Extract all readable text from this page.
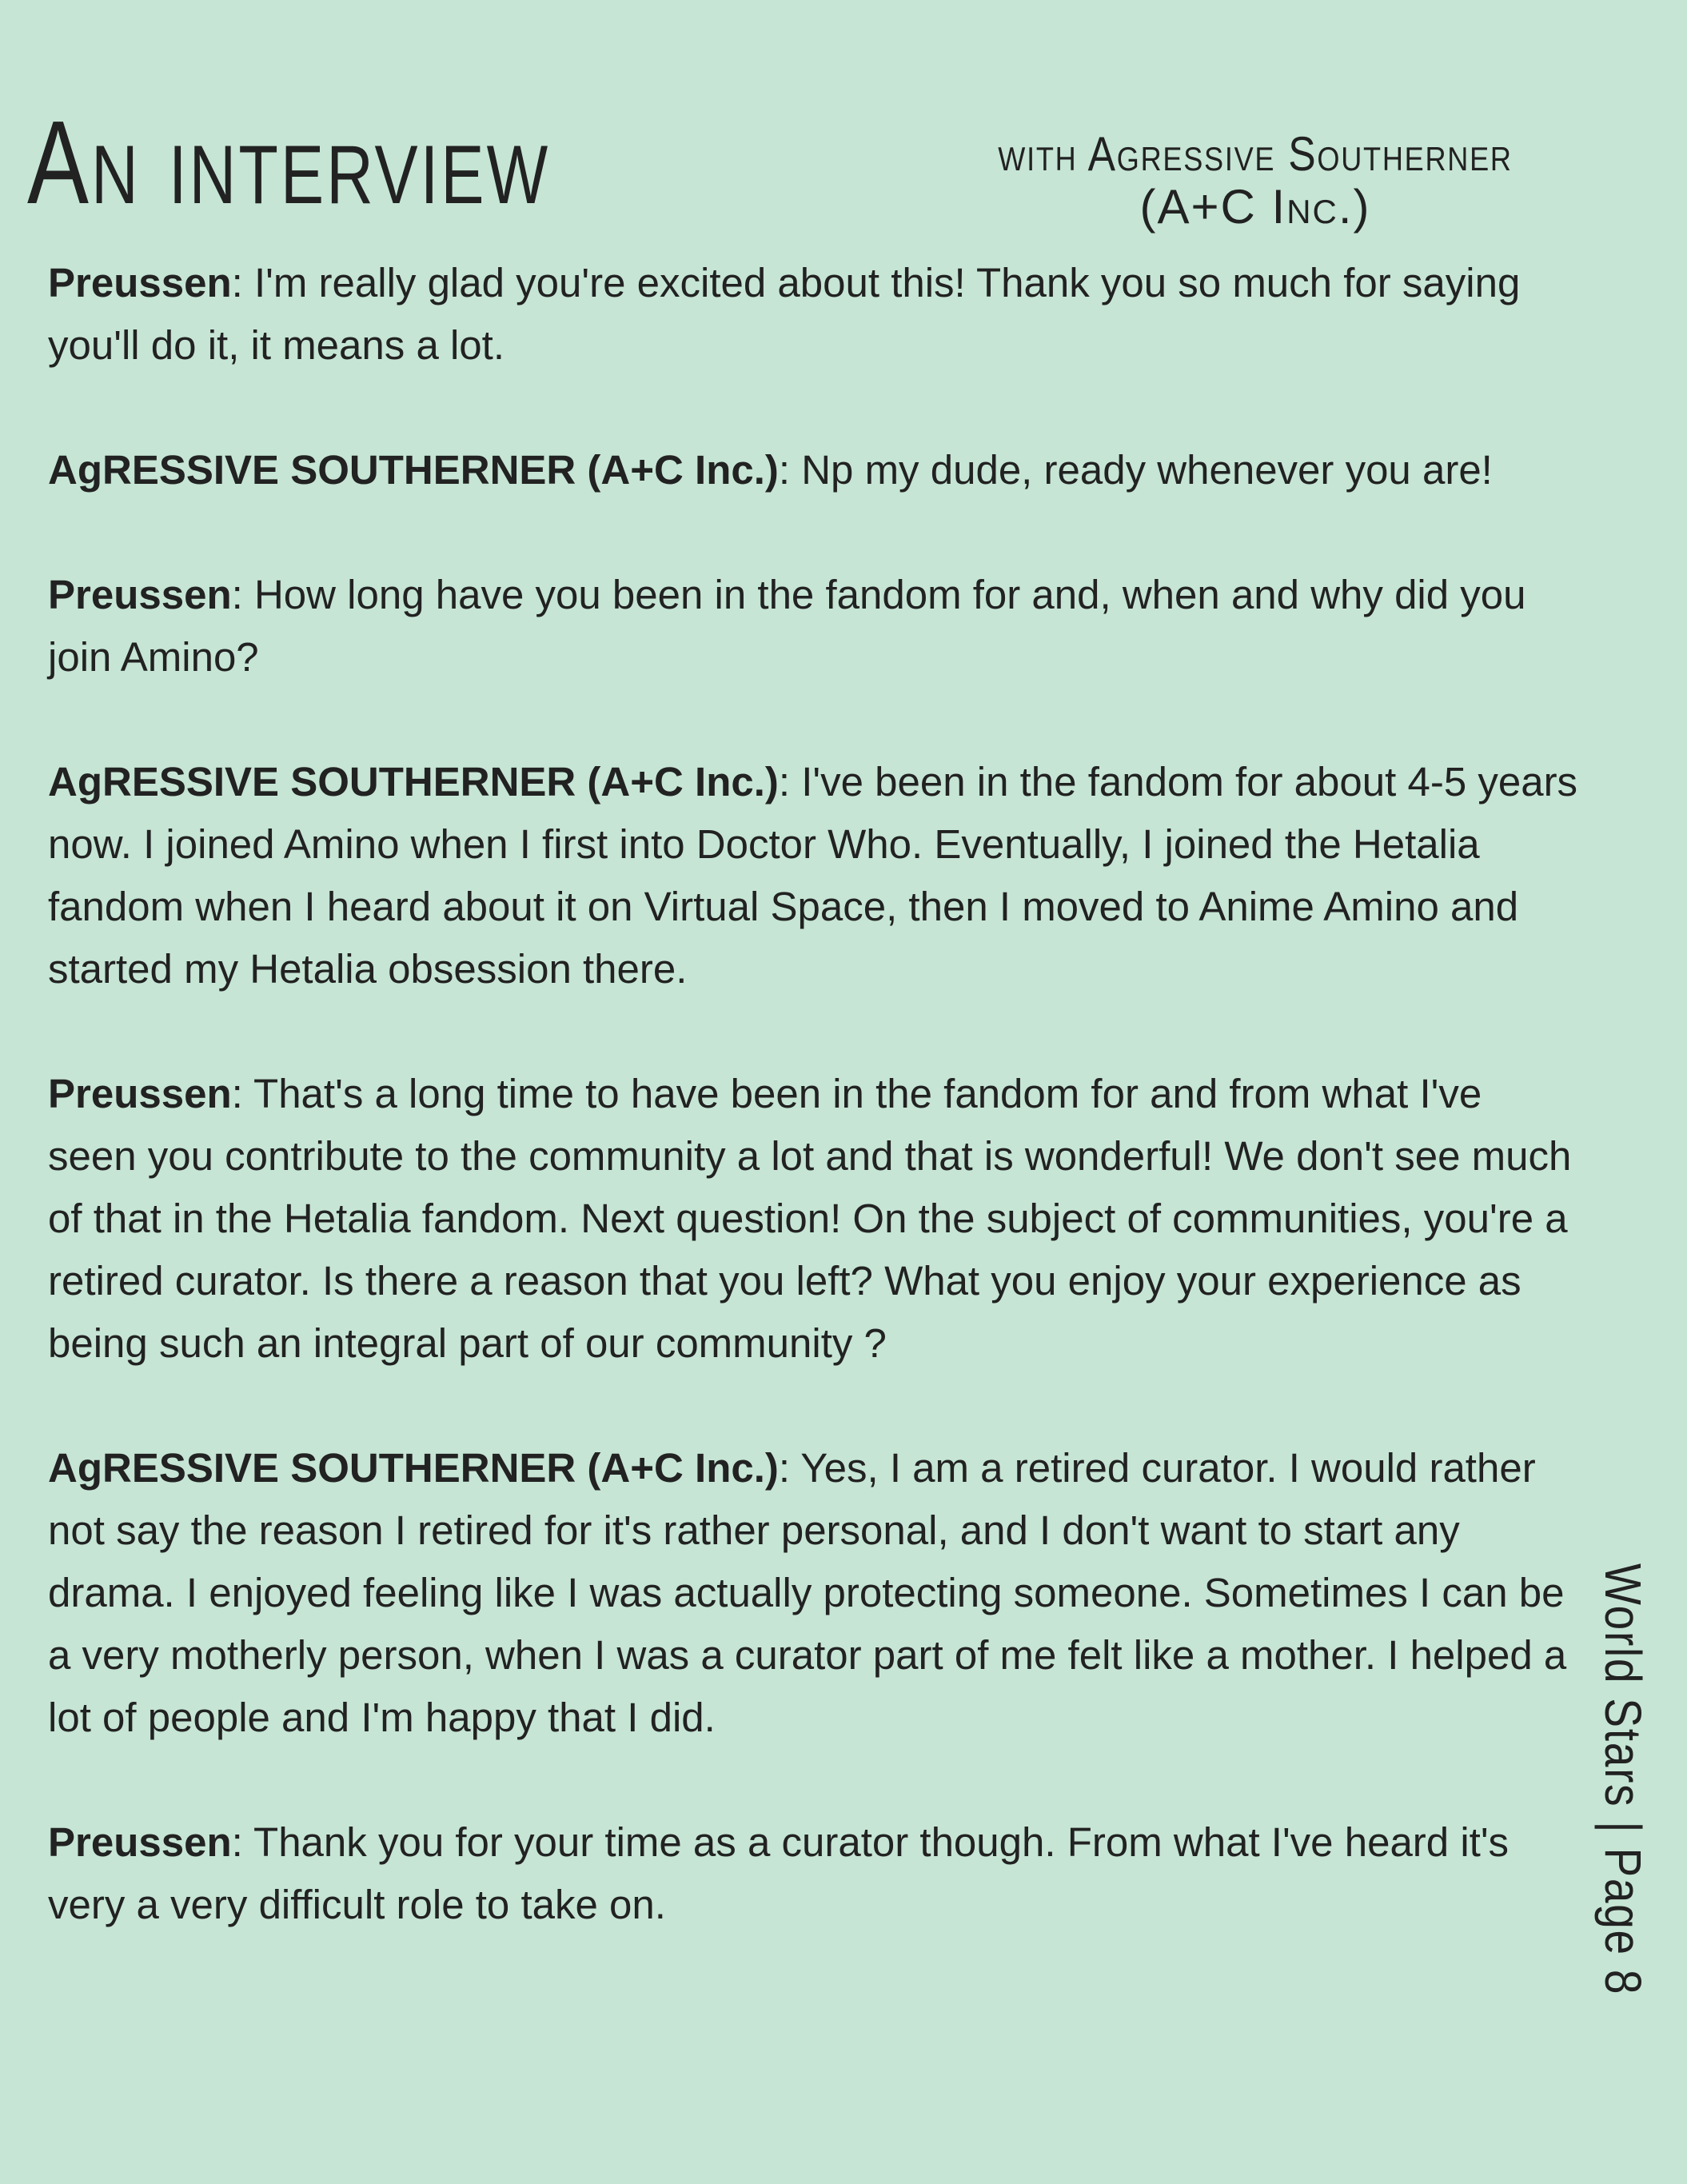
An interview	with Agressive Southerner
(A+C Inc.)

Preussen: I'm really glad you're excited about this! Thank you so much for saying you'll do it, it means a lot.

AgRESSIVE SOUTHERNER (A+C Inc.): Np my dude, ready whenever you are!

Preussen: How long have you been in the fandom for and, when and why did you join Amino?

AgRESSIVE SOUTHERNER (A+C Inc.): I've been in the fandom for about 4-5 years now. I joined Amino when I first into Doctor Who. Eventually, I joined the Hetalia fandom when I heard about it on Virtual Space, then I moved to Anime Amino and started my Hetalia obsession there.

Preussen: That's a long time to have been in the fandom for and from what I've seen you contribute to the community a lot and that is wonderful! We don't see much of that in the Hetalia fandom. Next question! On the subject of communities, you're a retired curator. Is there a reason that you left? What you enjoy your experience as being such an integral part of our community ?

AgRESSIVE SOUTHERNER (A+C Inc.): Yes, I am a retired curator. I would rather not say the reason I retired for it's rather personal, and I don't want to start any drama. I enjoyed feeling like I was actually protecting someone. Sometimes I can be a very motherly person, when I was a curator part of me felt like a mother. I helped a lot of people and I'm happy that I did.

Preussen: Thank you for your time as a curator though. From what I've heard it's very a very difficult role to take on.	World Stars | Page 8
